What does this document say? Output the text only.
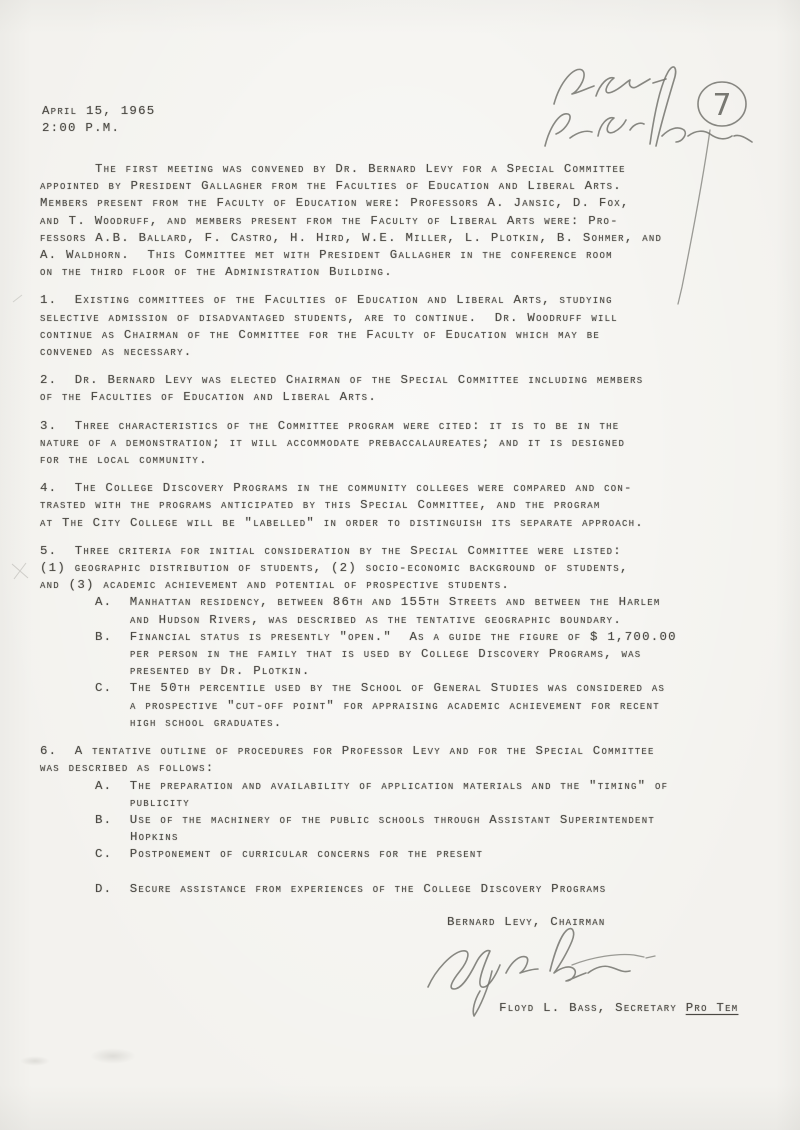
April 15, 1965
2:00 P.M.
7
The first meeting was convened by Dr. Bernard Levy for a Special Committee
appointed by President Gallagher from the Faculties of Education and Liberal Arts.
Members present from the Faculty of Education were: Professors A. Jansic, D. Fox,
and T. Woodruff, and members present from the Faculty of Liberal Arts were: Pro-
fessors A.B. Ballard, F. Castro, H. Hird, W.E. Miller, L. Plotkin, B. Sohmer, and
A. Waldhorn.  This Committee met with President Gallagher in the conference room
on the third floor of the Administration Building.
1.  Existing committees of the Faculties of Education and Liberal Arts, studying
selective admission of disadvantaged students, are to continue.  Dr. Woodruff will
continue as Chairman of the Committee for the Faculty of Education which may be
convened as necessary.
2.  Dr. Bernard Levy was elected Chairman of the Special Committee including members
of the Faculties of Education and Liberal Arts.
3.  Three characteristics of the Committee program were cited: it is to be in the
nature of a demonstration; it will accommodate prebaccalaureates; and it is designed
for the local community.
4.  The College Discovery Programs in the community colleges were compared and con-
trasted with the programs anticipated by this Special Committee, and the program
at The City College will be "labelled" in order to distinguish its separate approach.
5.  Three criteria for initial consideration by the Special Committee were listed:
(1) geographic distribution of students, (2) socio-economic background of students,
and (3) academic achievement and potential of prospective students.
A.  Manhattan residency, between 86th and 155th Streets and between the Harlem
and Hudson Rivers, was described as the tentative geographic boundary.
B.  Financial status is presently "open."  As a guide the figure of $ 1,700.00
per person in the family that is used by College Discovery Programs, was
presented by Dr. Plotkin.
C.  The 50th percentile used by the School of General Studies was considered as
a prospective "cut-off point" for appraising academic achievement for recent
high school graduates.
6.  A tentative outline of procedures for Professor Levy and for the Special Committee
was described as follows:
A.  The preparation and availability of application materials and the "timing" of
publicity
B.  Use of the machinery of the public schools through Assistant Superintendent
Hopkins
C.  Postponement of curricular concerns for the present
D.  Secure assistance from experiences of the College Discovery Programs
Bernard Levy, Chairman

Floyd L. Bass, Secretary Pro Tem
